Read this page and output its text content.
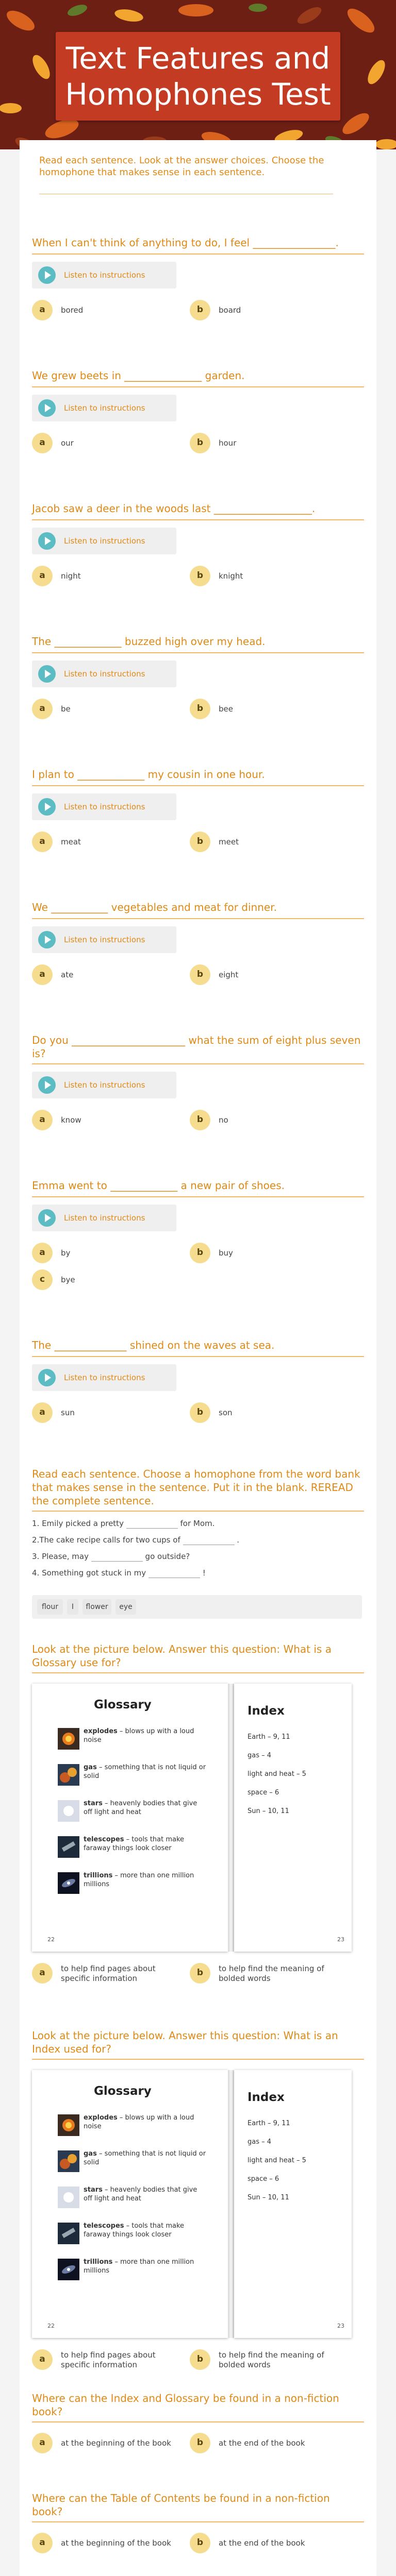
Text Features and Homophones Test
Read each sentence. Look at the answer choices. Choose the homophone that makes sense in each sentence.
When I can't think of anything to do, I feel ________________.
Listen to instructions
a	bored	b	board
We grew beets in _______________ garden.
Listen to instructions
a	our	b	hour
Jacob saw a deer in the woods last ___________________.
Listen to instructions
a	night	b	knight
The _____________ buzzed high over my head.
Listen to instructions
a	be	b	bee
I plan to _____________ my cousin in one hour.
Listen to instructions
a	meat	b	meet
We ___________ vegetables and meat for dinner.
Listen to instructions
a	ate	b	eight
Do you ______________________ what the sum of eight plus seven is?
Listen to instructions
a	know	b	no
Emma went to _____________ a new pair of shoes.
Listen to instructions
a	by	b	buy
c	bye
The ______________ shined on the waves at sea.
Listen to instructions
a	sun	b	son
Read each sentence. Choose a homophone from the word bank that makes sense in the sentence. Put it in the blank. REREAD the complete sentence.
1. Emily picked a pretty	for Mom.
2.The cake recipe calls for two cups of	.
3. Please, may	go outside?
4. Something got stuck in my	!
flour	I	flower	eye
Look at the picture below. Answer this question: What is a Glossary use for?
Glossary
explodes – blows up with a loud noise
gas – something that is not liquid or solid
stars – heavenly bodies that give off light and heat
telescopes – tools that make faraway things look closer
trillions – more than one million millions
22
Index
Earth – 9, 11
gas – 4
light and heat – 5
space – 6
Sun – 10, 11
23
a	to help find pages about specific information
b	to help find the meaning of bolded words
Look at the picture below. Answer this question: What is an Index used for?
Glossary
explodes – blows up with a loud noise
gas – something that is not liquid or solid
stars – heavenly bodies that give off light and heat
telescopes – tools that make faraway things look closer
trillions – more than one million millions
22
Index
Earth – 9, 11
gas – 4
light and heat – 5
space – 6
Sun – 10, 11
23
a	to help find pages about specific information
b	to help find the meaning of bolded words
Where can the Index and Glossary be found in a non-fiction book?
a	at the beginning of the book	b	at the end of the book
Where can the Table of Contents be found in a non-fiction book?
a	at the beginning of the book	b	at the end of the book
